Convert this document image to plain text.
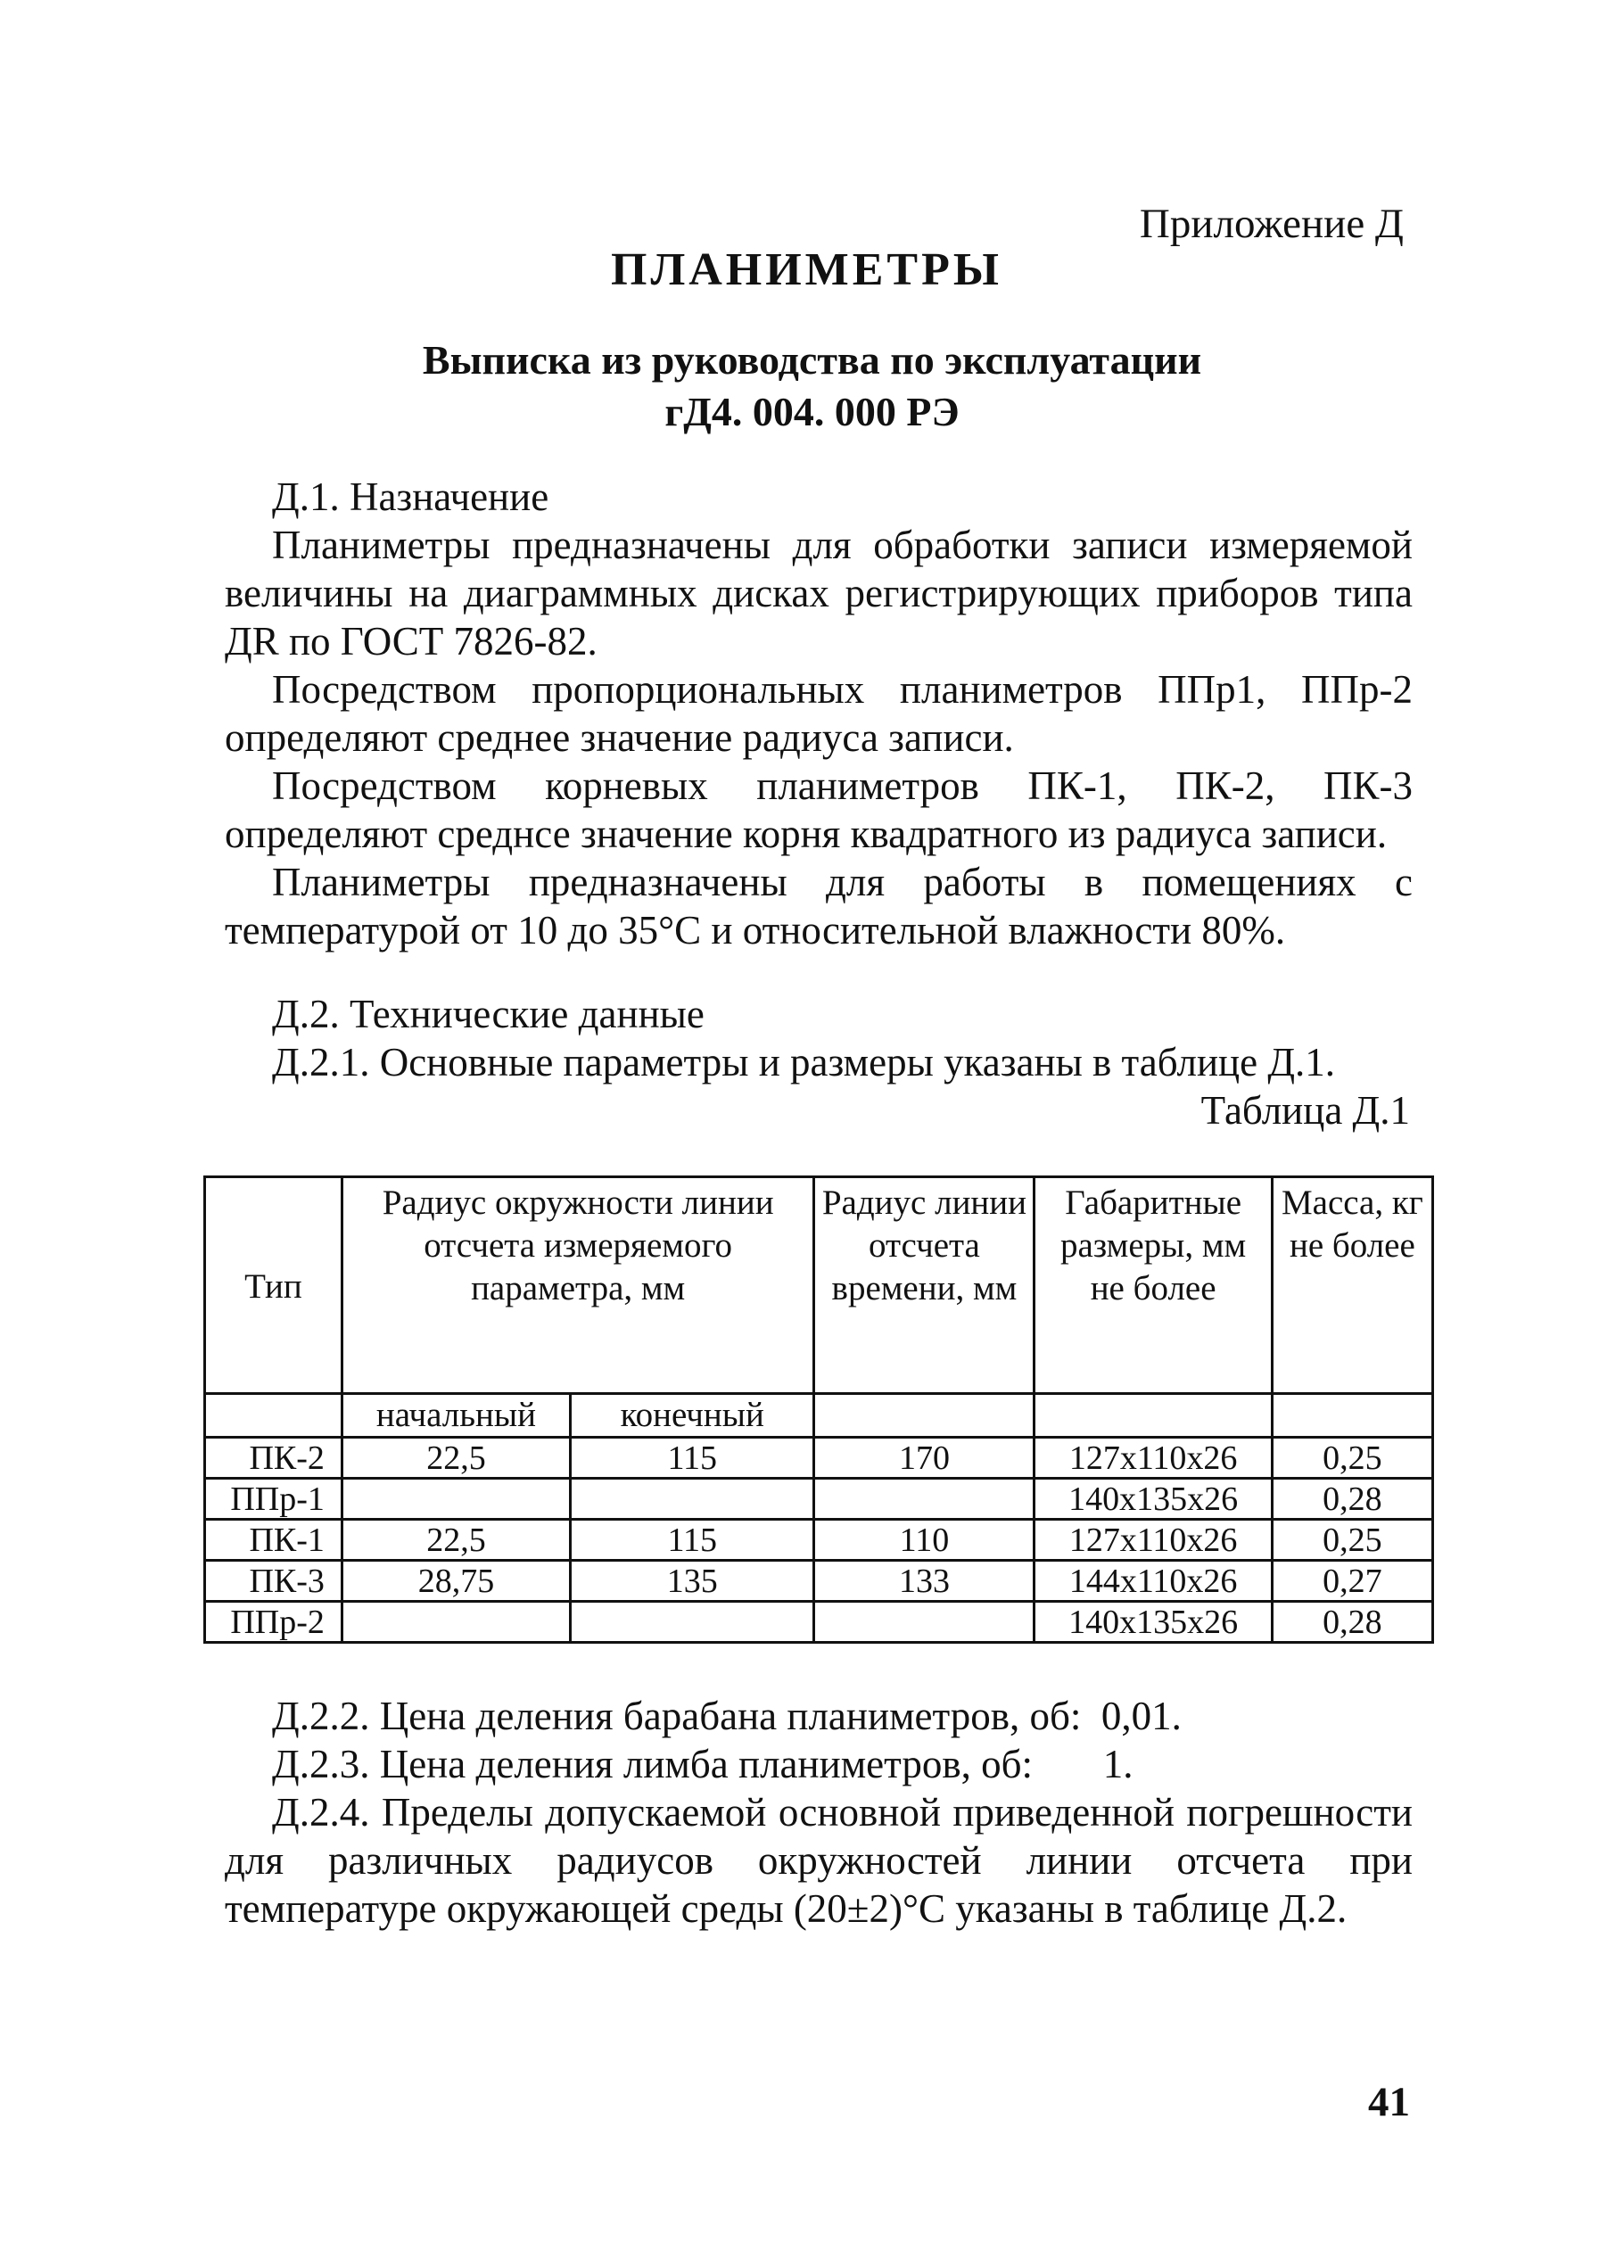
Приложение Д
ПЛАНИМЕТРЫ
Выписка из руководства по эксплуатации
гД4. 004. 000 РЭ

Д.1. Назначение

Планиметры предназначены для обработки записи измеряемой величины на диаграммных дисках регистрирующих приборов типа ДR по ГОСТ 7826-82.

Посредством пропорциональных планиметров ППр1, ППр-2 определяют среднее значение радиуса записи.

Посредством корневых планиметров ПК-1, ПК-2, ПК-3 определяют среднсе значение корня квадратного из радиуса записи.

Планиметры предназначены для работы в помещениях с температурой от 10 до 35°С и относительной влажности 80%.

Д.2. Технические данные

Д.2.1. Основные параметры и размеры указаны в таблице Д.1.

Таблица Д.1
Тип	Радиус окружности линии отсчета измеряемого параметра, мм		Радиус линии отсчета времени, мм	Габаритные размеры, мм не более	Масса, кг не более
	начальный	конечный			
ПК-2	22,5	115	170	127х110х26	0,25
ППр-1				140х135х26	0,28
ПК-1	22,5	115	110	127х110х26	0,25
ПК-3	28,75	135	133	144х110х26	0,27
ППр-2				140х135х26	0,28

Д.2.2. Цена деления барабана планиметров, об:  0,01.

Д.2.3. Цена деления лимба планиметров, об:       1.

Д.2.4. Пределы допускаемой основной приведенной погрешности для различных радиусов окружностей линии отсчета при температуре окружающей среды (20±2)°С указаны в таблице Д.2.

41
